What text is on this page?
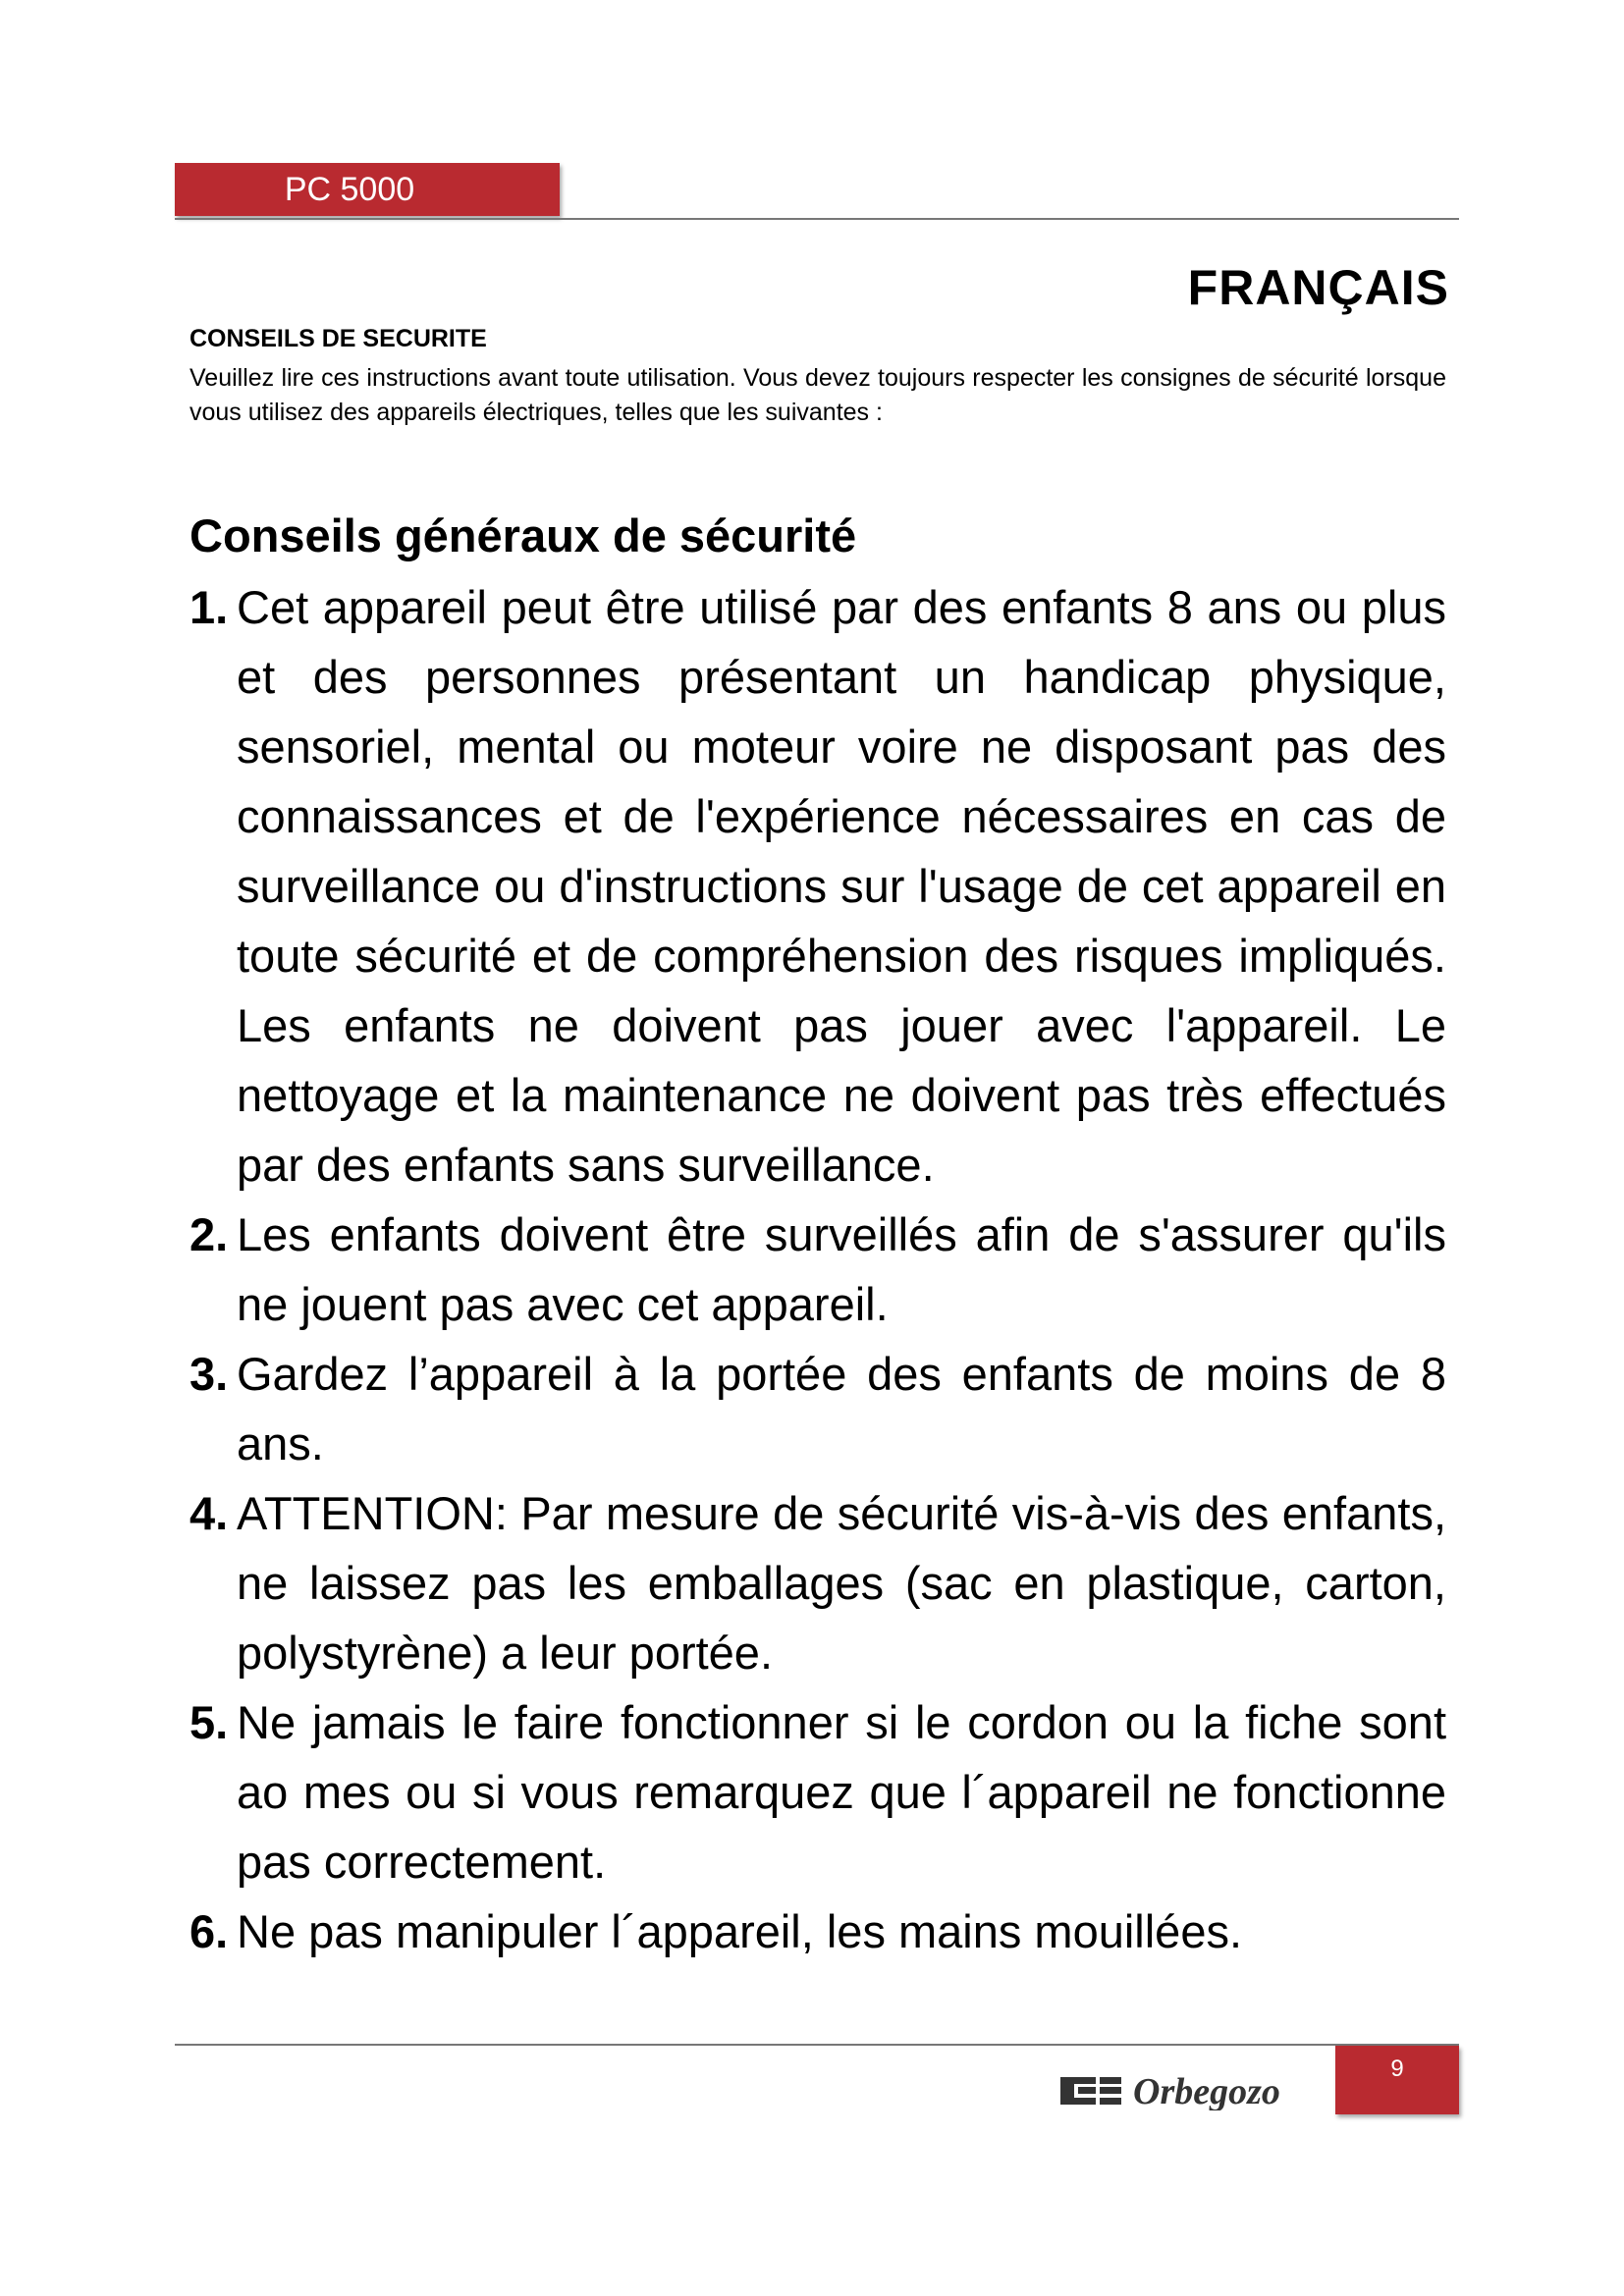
PC 5000
FRANÇAIS
CONSEILS DE SECURITE
Veuillez lire ces instructions avant toute utilisation. Vous devez toujours respecter les consignes de sécurité lorsque vous utilisez des appareils électriques, telles que les suivantes :
Conseils généraux de sécurité
1. Cet appareil peut être utilisé par des enfants 8 ans ou plus et des personnes présentant un handicap physique, sensoriel, mental ou moteur voire ne disposant pas des connaissances et de l'expérience nécessaires en cas de surveillance ou d'instructions sur l'usage de cet appareil en toute sécurité et de compréhension des risques impliqués. Les enfants ne doivent pas jouer avec l'appareil. Le nettoyage et la maintenance ne doivent pas très effectués par des enfants sans surveillance.
2. Les enfants doivent être surveillés afin de s'assurer qu'ils ne jouent pas avec cet appareil.
3. Gardez l’appareil à la portée des enfants de moins de 8 ans.
4. ATTENTION: Par mesure de sécurité vis-à-vis des enfants, ne laissez pas les emballages (sac en plastique, carton, polystyrène) a leur portée.
5. Ne jamais le faire fonctionner si le cordon ou la fiche sont ao mes ou si vous remarquez que l´appareil ne fonctionne pas correctement.
6. Ne pas manipuler l´appareil, les mains mouillées.
Orbegozo
9
